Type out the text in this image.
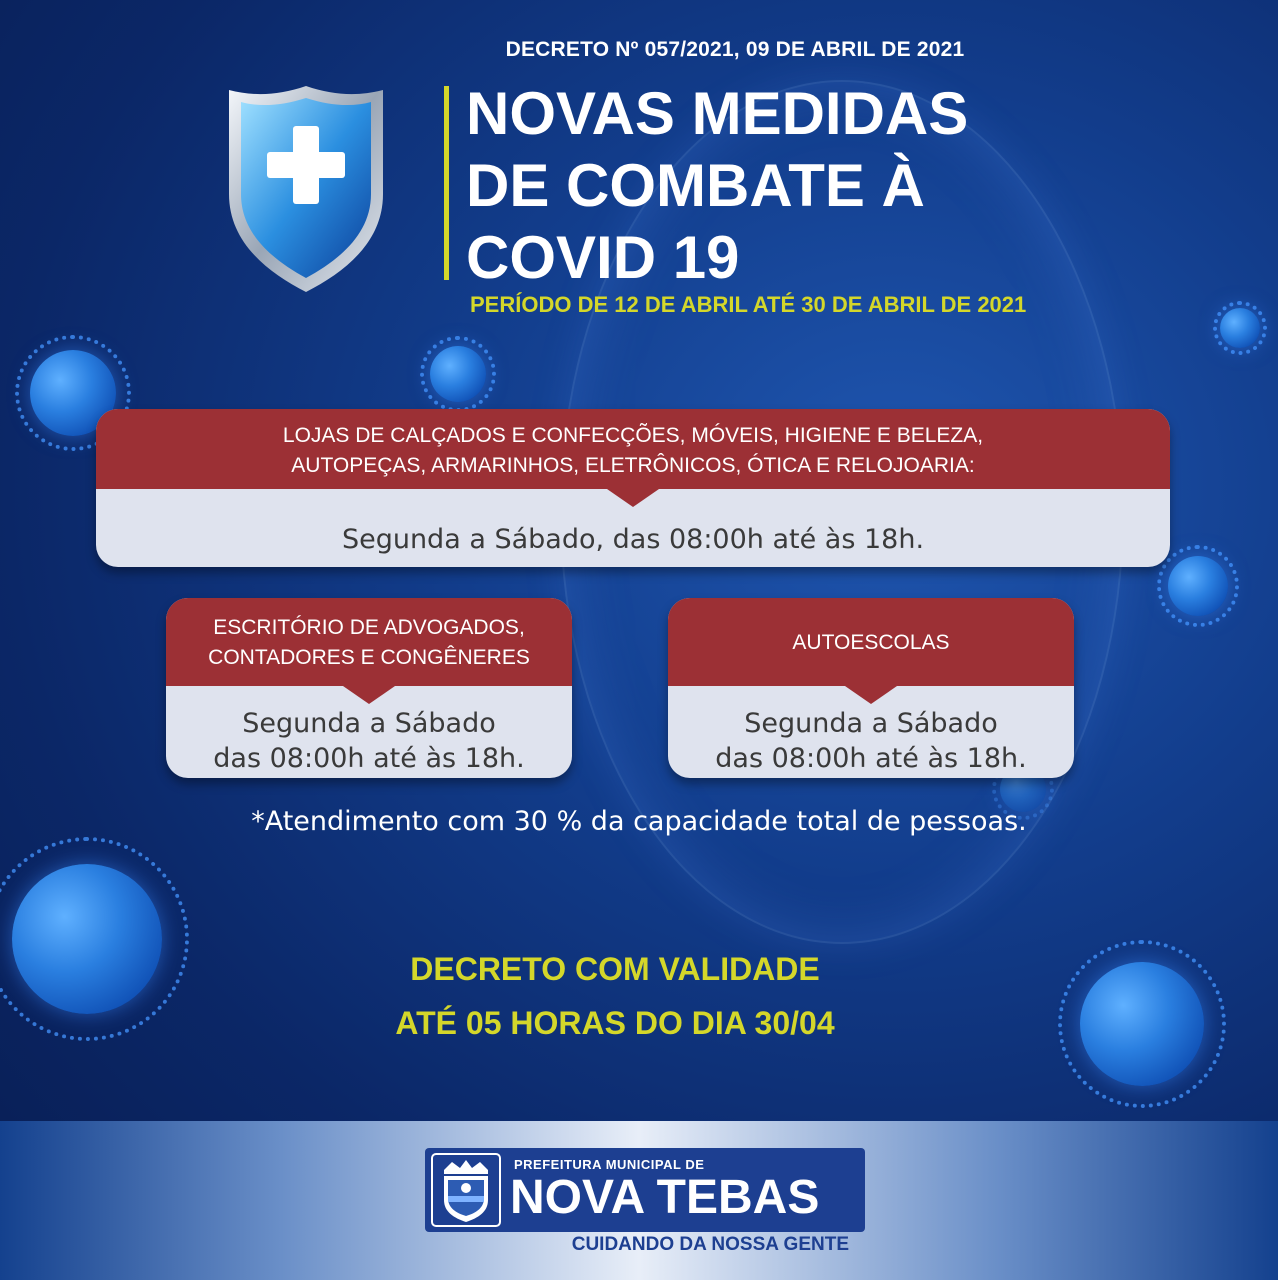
DECRETO Nº 057/2021, 09 DE ABRIL DE 2021
NOVAS MEDIDAS
DE COMBATE À
COVID 19
PERÍODO DE 12 DE ABRIL ATÉ 30 DE ABRIL DE 2021
LOJAS DE CALÇADOS E CONFECÇÕES, MÓVEIS, HIGIENE E BELEZA,
AUTOPEÇAS, ARMARINHOS, ELETRÔNICOS, ÓTICA E RELOJOARIA:
Segunda a Sábado, das 08:00h até às 18h.
ESCRITÓRIO DE ADVOGADOS,
CONTADORES E CONGÊNERES
Segunda a Sábado
das 08:00h até às 18h.
AUTOESCOLAS
Segunda a Sábado
das 08:00h até às 18h.
*Atendimento com 30 % da capacidade total de pessoas.
DECRETO COM VALIDADE
ATÉ 05 HORAS DO DIA 30/04
PREFEITURA MUNICIPAL DE
NOVA TEBAS
CUIDANDO DA NOSSA GENTE
